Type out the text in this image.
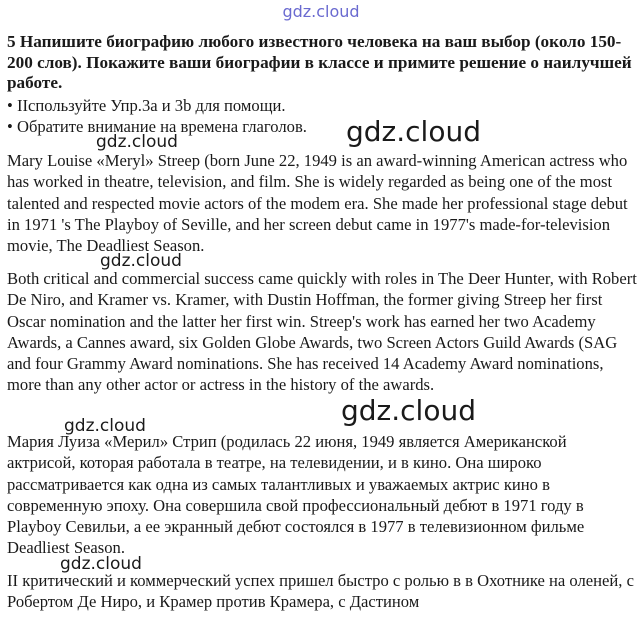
gdz.cloud
5 Напишите биографию любого известного человека на ваш выбор (около 150-200 слов). Покажите ваши биографии в классе и примите решение о наилучшей работе.
• ІІспользуйте Упр.3а и 3b для помощи.
• Обратите внимание на времена глаголов.
Mary Louise «Meryl» Streep (born June 22, 1949 is an award-winning American actress who has worked in theatre, television, and film. She is widely regarded as being one of the most talented and respected movie actors of the modem era. She made her professional stage debut in 1971 's The Playboy of Seville, and her screen debut came in 1977's made-for-television movie, The Deadliest Season.
Both critical and commercial success came quickly with roles in The Deer Hunter, with Robert De Niro, and Kramer vs. Kramer, with Dustin Hoffman, the former giving Streep her first Oscar nomination and the latter her first win. Streep's work has earned her two Academy Awards, a Cannes award, six Golden Globe Awards, two Screen Actors Guild Awards (SAG and four Grammy Award nominations. She has received 14 Academy Award nominations, more than any other actor or actress in the history of the awards.
Мария Луиза «Мерил» Стрип (родилась 22 июня, 1949 является Американской актрисой, которая работала в театре, на телевидении, и в кино. Она широко рассматривается как одна из самых талантливых и уважаемых актрис кино в современную эпоху. Она совершила свой профессиональный дебют в 1971 году в Playboy Севильи, а ее экранный дебют состоялся в 1977 в телевизионном фильме Deadliest Season.
ІІ критический и коммерческий успех пришел быстро с ролью в в Охотнике на оленей, с Робертом Де Ниро, и Крамер против Крамера, с Дастином
gdz.cloud
gdz.cloud
gdz.cloud
gdz.cloud
gdz.cloud
gdz.cloud
